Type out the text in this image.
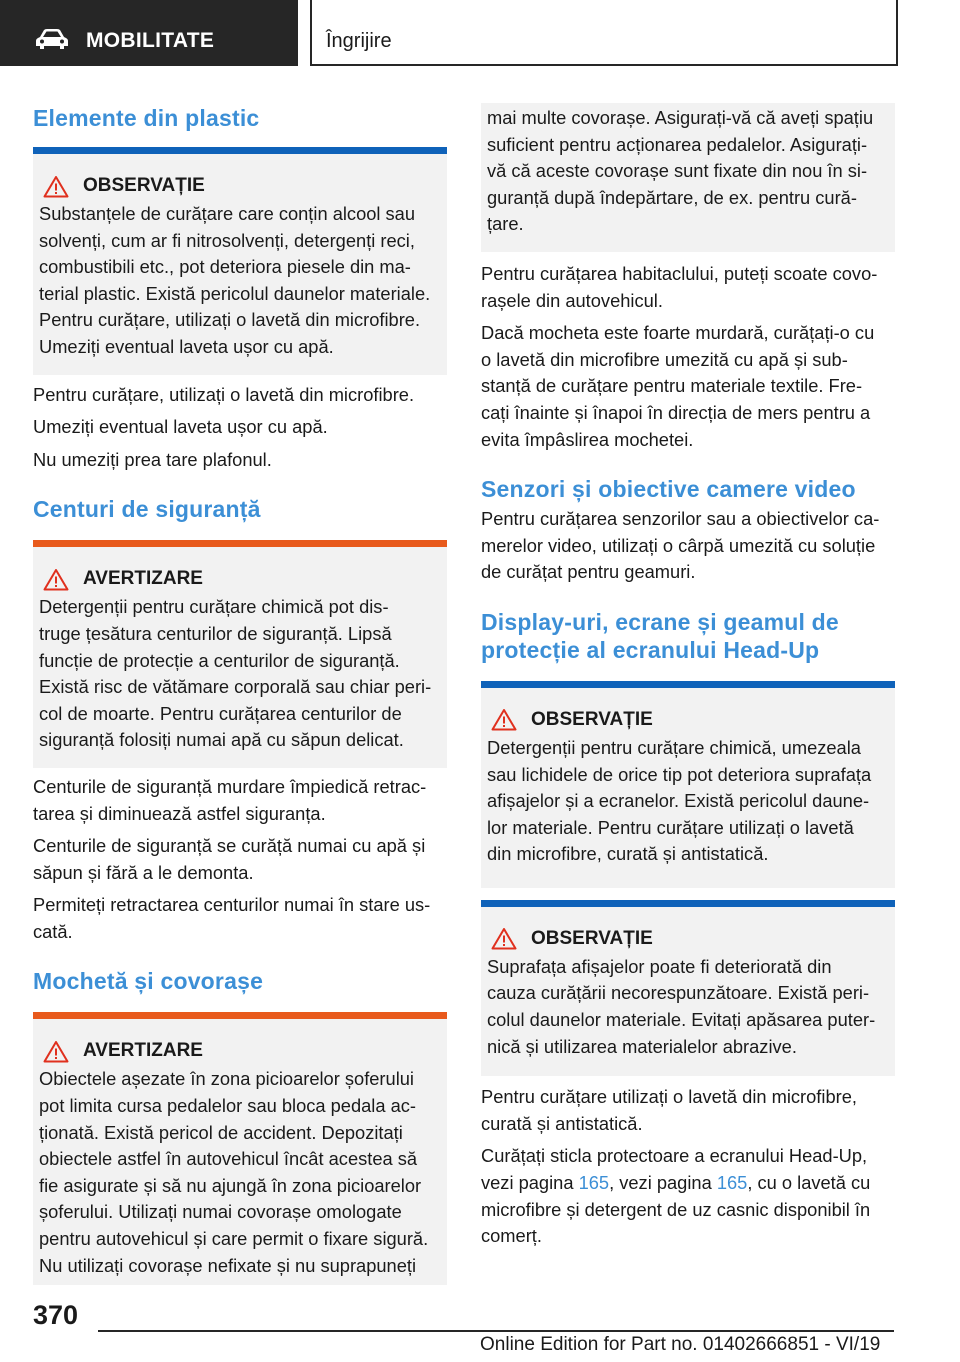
MOBILITATE	Îngrijire
Elemente din plastic
OBSERVAȚIE

Substanțele de curățare care conțin alcool sau

solvenți, cum ar fi nitrosolvenți, detergenți reci,

combustibili etc., pot deteriora piesele din ma‐

terial plastic. Există pericolul daunelor materiale.

Pentru curățare, utilizați o lavetă din microfibre.

Umeziți eventual laveta ușor cu apă.

Pentru curățare, utilizați o lavetă din microfibre.

Umeziți eventual laveta ușor cu apă.

Nu umeziți prea tare plafonul.

Centuri de siguranță
AVERTIZARE

Detergenții pentru curățare chimică pot dis‐

truge țesătura centurilor de siguranță. Lipsă

funcție de protecție a centurilor de siguranță.

Există risc de vătămare corporală sau chiar peri‐

col de moarte. Pentru curățarea centurilor de

siguranță folosiți numai apă cu săpun delicat.

Centurile de siguranță murdare împiedică retrac‐

tarea și diminuează astfel siguranța.

Centurile de siguranță se curăță numai cu apă și

săpun și fără a le demonta.

Permiteți retractarea centurilor numai în stare us‐

cată.

Mochetă și covorașe
AVERTIZARE

Obiectele așezate în zona picioarelor șoferului

pot limita cursa pedalelor sau bloca pedala ac‐

ționată. Există pericol de accident. Depozitați

obiectele astfel în autovehicul încât acestea să

fie asigurate și să nu ajungă în zona picioarelor

șoferului. Utilizați numai covorașe omologate

pentru autovehicul și care permit o fixare sigură.

Nu utilizați covorașe nefixate și nu suprapuneți

mai multe covorașe. Asigurați-vă că aveți spațiu

suficient pentru acționarea pedalelor. Asigurați-

vă că aceste covorașe sunt fixate din nou în si‐

guranță după îndepărtare, de ex. pentru cură‐

țare.

Pentru curățarea habitaclului, puteți scoate covo‐

rașele din autovehicul.

Dacă mocheta este foarte murdară, curățați-o cu

o lavetă din microfibre umezită cu apă și sub‐

stanță de curățare pentru materiale textile. Fre‐

cați înainte și înapoi în direcția de mers pentru a

evita împâslirea mochetei.

Senzori și obiective camere video

Pentru curățarea senzorilor sau a obiectivelor ca‐

merelor video, utilizați o cârpă umezită cu soluție

de curățat pentru geamuri.

Display-uri, ecrane și geamul de
protecție al ecranului Head-Up
OBSERVAȚIE

Detergenții pentru curățare chimică, umezeala

sau lichidele de orice tip pot deteriora suprafața

afișajelor și a ecranelor. Există pericolul daune‐

lor materiale. Pentru curățare utilizați o lavetă

din microfibre, curată și antistatică.

OBSERVAȚIE

Suprafața afișajelor poate fi deteriorată din

cauza curățării necorespunzătoare. Există peri‐

colul daunelor materiale. Evitați apăsarea puter‐

nică și utilizarea materialelor abrazive.

Pentru curățare utilizați o lavetă din microfibre,

curată și antistatică.

Curățați sticla protectoare a ecranului Head-Up,

vezi pagina 165, vezi pagina 165, cu o lavetă cu

microfibre și detergent de uz casnic disponibil în

comerț.

370
Online Edition for Part no. 01402666851 - VI/19
